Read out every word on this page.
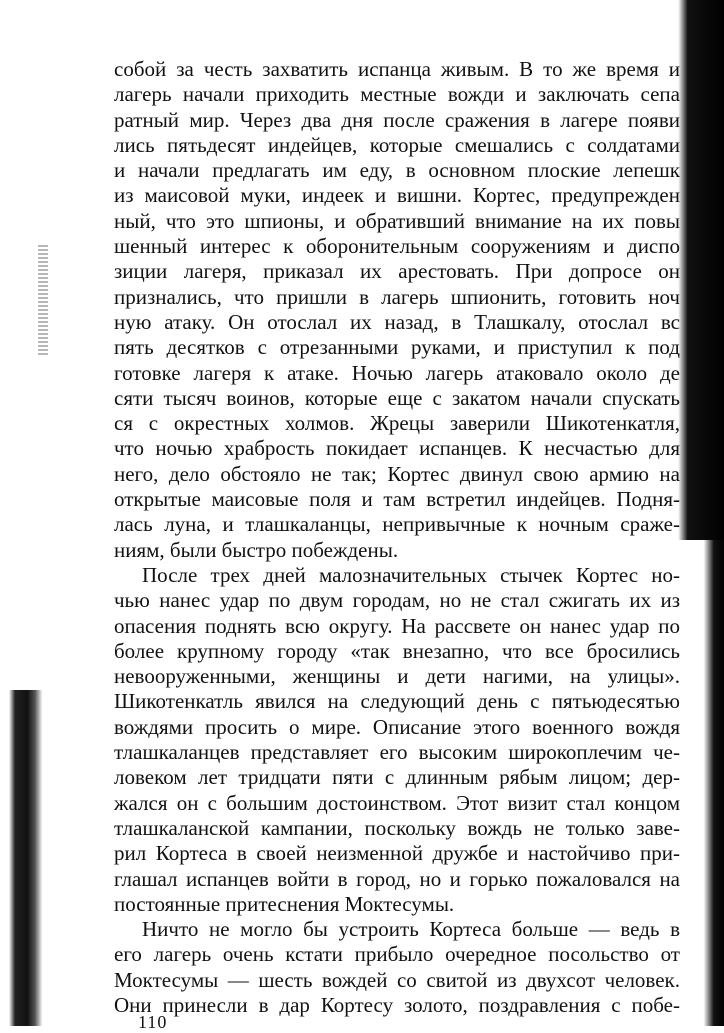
собой за честь захватить испанца живым. В то же время и
лагерь начали приходить местные вожди и заключать сепа
ратный мир. Через два дня после сражения в лагере появи
лись пятьдесят индейцев, которые смешались с солдатами
и начали предлагать им еду, в основном плоские лепешк
из маисовой муки, индеек и вишни. Кортес, предупрежден
ный, что это шпионы, и обративший внимание на их повы
шенный интерес к оборонительным сооружениям и диспо
зиции лагеря, приказал их арестовать. При допросе он
признались, что пришли в лагерь шпионить, готовить ноч
ную атаку. Он отослал их назад, в Тлашкалу, отослал вс
пять десятков с отрезанными руками, и приступил к под
готовке лагеря к атаке. Ночью лагерь атаковало около де
сяти тысяч воинов, которые еще с закатом начали спускать
ся с окрестных холмов. Жрецы заверили Шикотенкатля,
что ночью храбрость покидает испанцев. К несчастью для
него, дело обстояло не так; Кортес двинул свою армию на
открытые маисовые поля и там встретил индейцев. Подня-
лась луна, и тлашкаланцы, непривычные к ночным сраже-
ниям, были быстро побеждены.
После трех дней малозначительных стычек Кортес но-
чью нанес удар по двум городам, но не стал сжигать их из
опасения поднять всю округу. На рассвете он нанес удар по
более крупному городу «так внезапно, что все бросились
невооруженными, женщины и дети нагими, на улицы».
Шикотенкатль явился на следующий день с пятьюдесятью
вождями просить о мире. Описание этого военного вождя
тлашкаланцев представляет его высоким широкоплечим че-
ловеком лет тридцати пяти с длинным рябым лицом; дер-
жался он с большим достоинством. Этот визит стал концом
тлашкаланской кампании, поскольку вождь не только заве-
рил Кортеса в своей неизменной дружбе и настойчиво при-
глашал испанцев войти в город, но и горько пожаловался на
постоянные притеснения Моктесумы.
Ничто не могло бы устроить Кортеса больше — ведь в
его лагерь очень кстати прибыло очередное посольство от
Моктесумы — шесть вождей со свитой из двухсот человек.
Они принесли в дар Кортесу золото, поздравления с побе-
110
